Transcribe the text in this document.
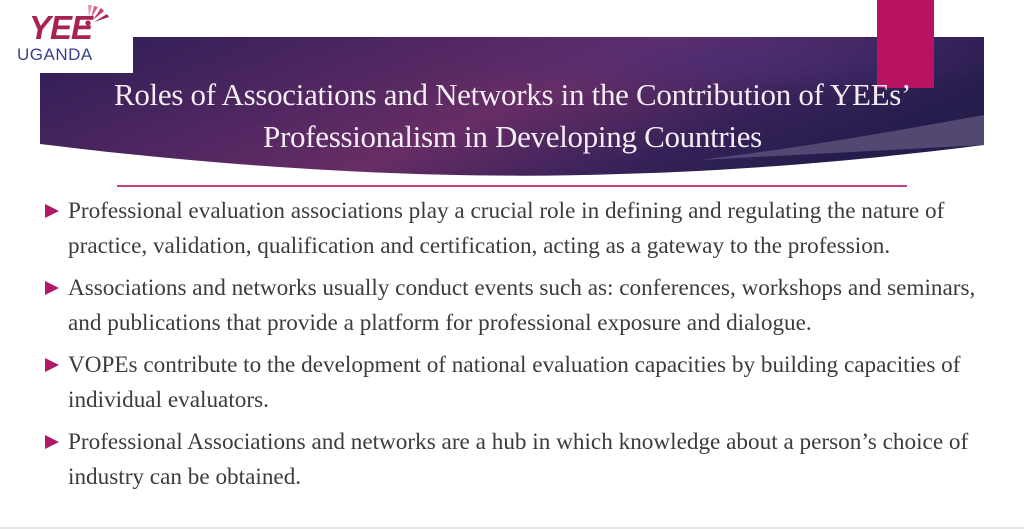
YEE
UGANDA
Roles of Associations and Networks in the Contribution of YEEs’
Professionalism in Developing Countries
Professional evaluation associations play a crucial role in defining and regulating the nature of practice, validation, qualification and certification, acting as a gateway to the profession.
Associations and networks usually conduct events such as: conferences, workshops and seminars, and publications that provide a platform for professional exposure and dialogue.
VOPEs contribute to the development of national evaluation capacities by building capacities of individual evaluators.
Professional Associations and networks are a hub in which knowledge about a person’s choice of industry can be obtained.
